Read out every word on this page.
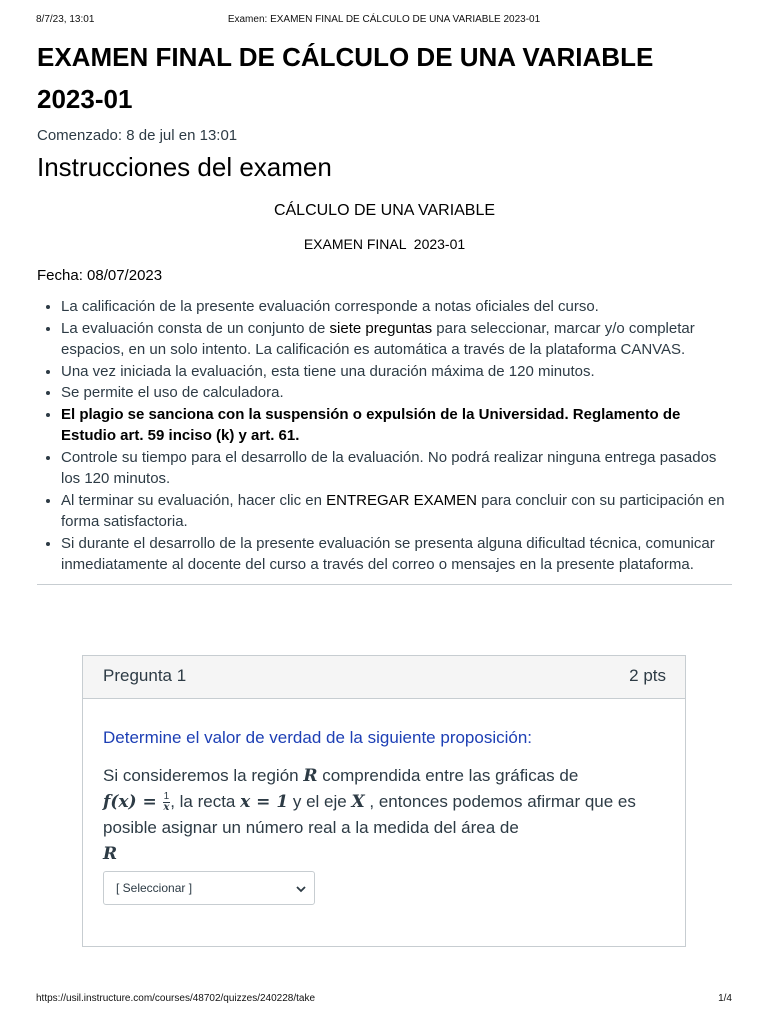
8/7/23, 13:01	Examen: EXAMEN FINAL DE CÁLCULO DE UNA VARIABLE 2023-01
EXAMEN FINAL DE CÁLCULO DE UNA VARIABLE
2023-01
Comenzado: 8 de jul en 13:01
Instrucciones del examen
CÁLCULO DE UNA VARIABLE
EXAMEN FINAL  2023-01
Fecha: 08/07/2023
• La calificación de la presente evaluación corresponde a notas oficiales del curso.
• La evaluación consta de un conjunto de siete preguntas para seleccionar, marcar y/o completar espacios, en un solo intento. La calificación es automática a través de la plataforma CANVAS.
• Una vez iniciada la evaluación, esta tiene una duración máxima de 120 minutos.
• Se permite el uso de calculadora.
• El plagio se sanciona con la suspensión o expulsión de la Universidad. Reglamento de Estudio art. 59 inciso (k) y art. 61.
• Controle su tiempo para el desarrollo de la evaluación. No podrá realizar ninguna entrega pasados los 120 minutos.
• Al terminar su evaluación, hacer clic en ENTREGAR EXAMEN para concluir con su participación en forma satisfactoria.
• Si durante el desarrollo de la presente evaluación se presenta alguna dificultad técnica, comunicar inmediatamente al docente del curso a través del correo o mensajes en la presente plataforma.
Pregunta 1	2 pts
Determine el valor de verdad de la siguiente proposición:
Si consideremos la región R comprendida entre las gráficas de
$f(x) = \frac{1}{x}$ , la recta x = 1 y el eje X , entonces podemos afirmar que es posible asignar un número real a la medida del área de
R
[ Seleccionar ]
https://usil.instructure.com/courses/48702/quizzes/240228/take	1/4
